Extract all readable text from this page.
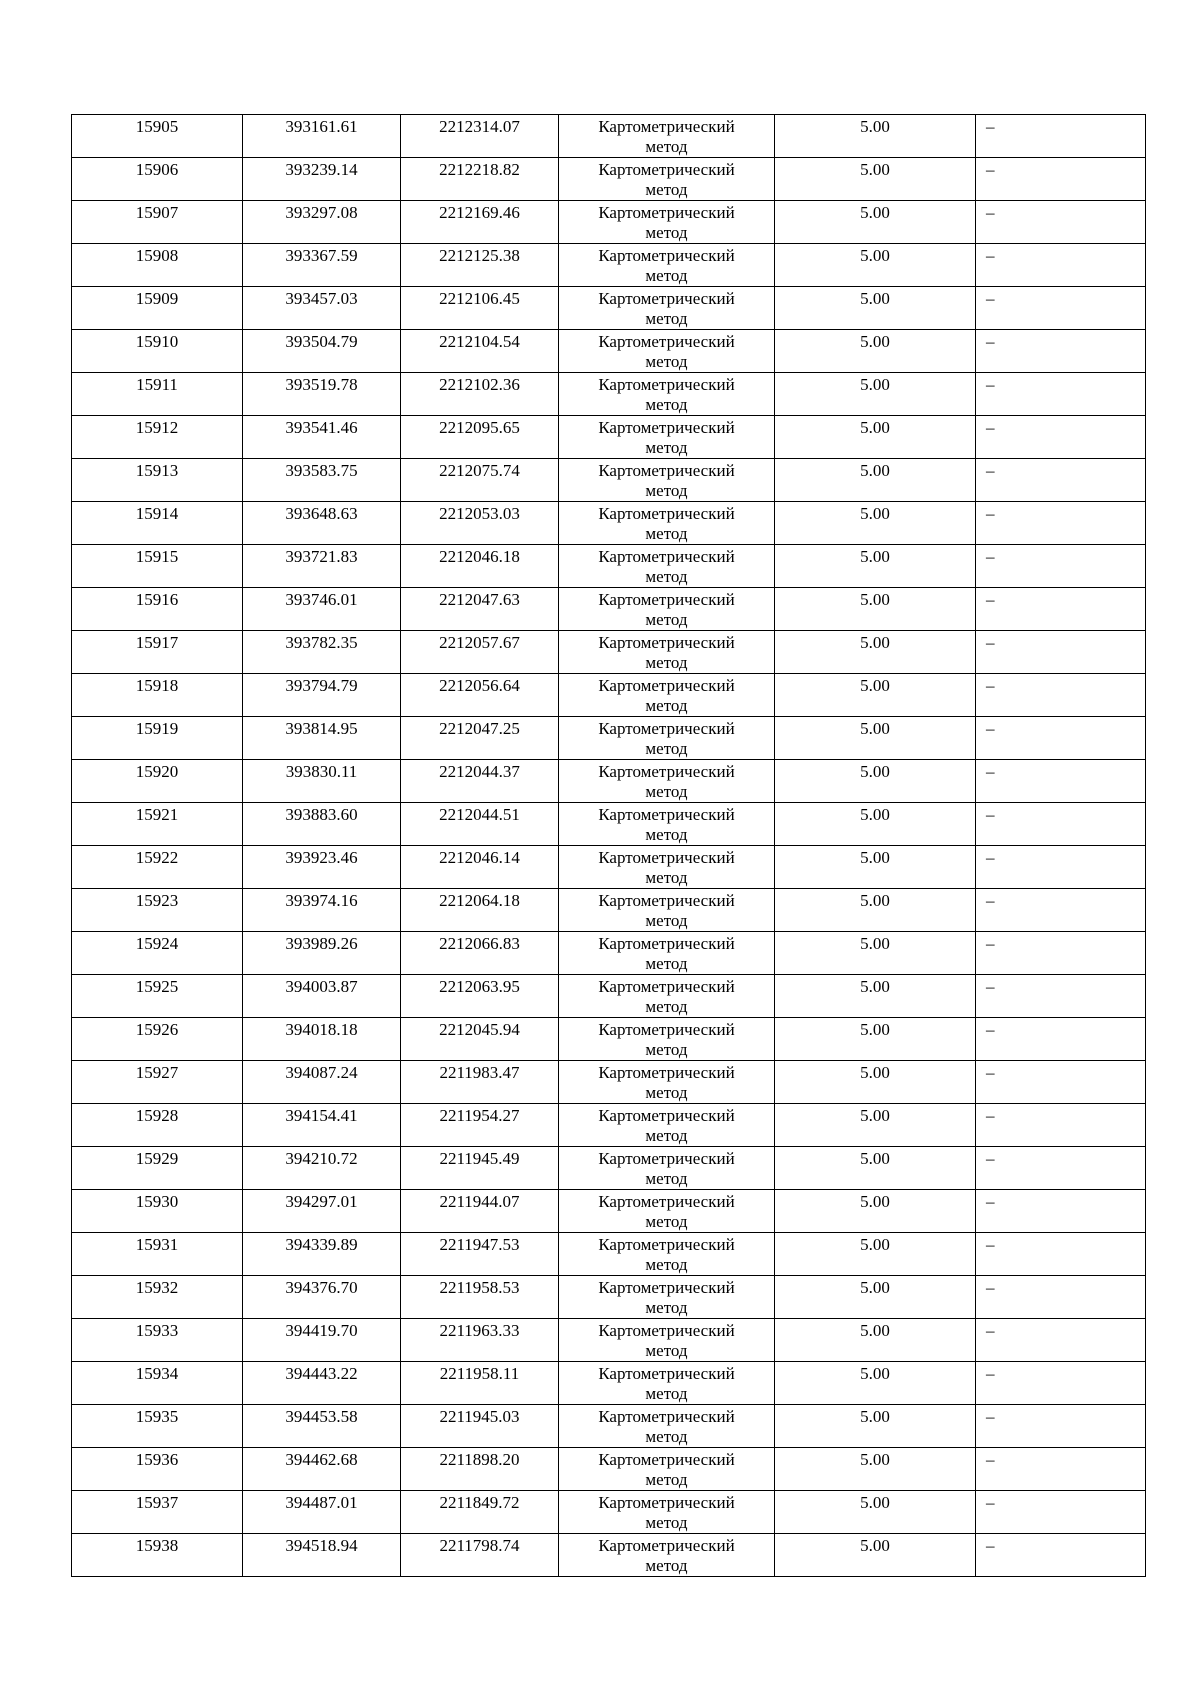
15905	393161.61	2212314.07	Картометрический метод	5.00	–
15906	393239.14	2212218.82	Картометрический метод	5.00	–
15907	393297.08	2212169.46	Картометрический метод	5.00	–
15908	393367.59	2212125.38	Картометрический метод	5.00	–
15909	393457.03	2212106.45	Картометрический метод	5.00	–
15910	393504.79	2212104.54	Картометрический метод	5.00	–
15911	393519.78	2212102.36	Картометрический метод	5.00	–
15912	393541.46	2212095.65	Картометрический метод	5.00	–
15913	393583.75	2212075.74	Картометрический метод	5.00	–
15914	393648.63	2212053.03	Картометрический метод	5.00	–
15915	393721.83	2212046.18	Картометрический метод	5.00	–
15916	393746.01	2212047.63	Картометрический метод	5.00	–
15917	393782.35	2212057.67	Картометрический метод	5.00	–
15918	393794.79	2212056.64	Картометрический метод	5.00	–
15919	393814.95	2212047.25	Картометрический метод	5.00	–
15920	393830.11	2212044.37	Картометрический метод	5.00	–
15921	393883.60	2212044.51	Картометрический метод	5.00	–
15922	393923.46	2212046.14	Картометрический метод	5.00	–
15923	393974.16	2212064.18	Картометрический метод	5.00	–
15924	393989.26	2212066.83	Картометрический метод	5.00	–
15925	394003.87	2212063.95	Картометрический метод	5.00	–
15926	394018.18	2212045.94	Картометрический метод	5.00	–
15927	394087.24	2211983.47	Картометрический метод	5.00	–
15928	394154.41	2211954.27	Картометрический метод	5.00	–
15929	394210.72	2211945.49	Картометрический метод	5.00	–
15930	394297.01	2211944.07	Картометрический метод	5.00	–
15931	394339.89	2211947.53	Картометрический метод	5.00	–
15932	394376.70	2211958.53	Картометрический метод	5.00	–
15933	394419.70	2211963.33	Картометрический метод	5.00	–
15934	394443.22	2211958.11	Картометрический метод	5.00	–
15935	394453.58	2211945.03	Картометрический метод	5.00	–
15936	394462.68	2211898.20	Картометрический метод	5.00	–
15937	394487.01	2211849.72	Картометрический метод	5.00	–
15938	394518.94	2211798.74	Картометрический метод	5.00	–
